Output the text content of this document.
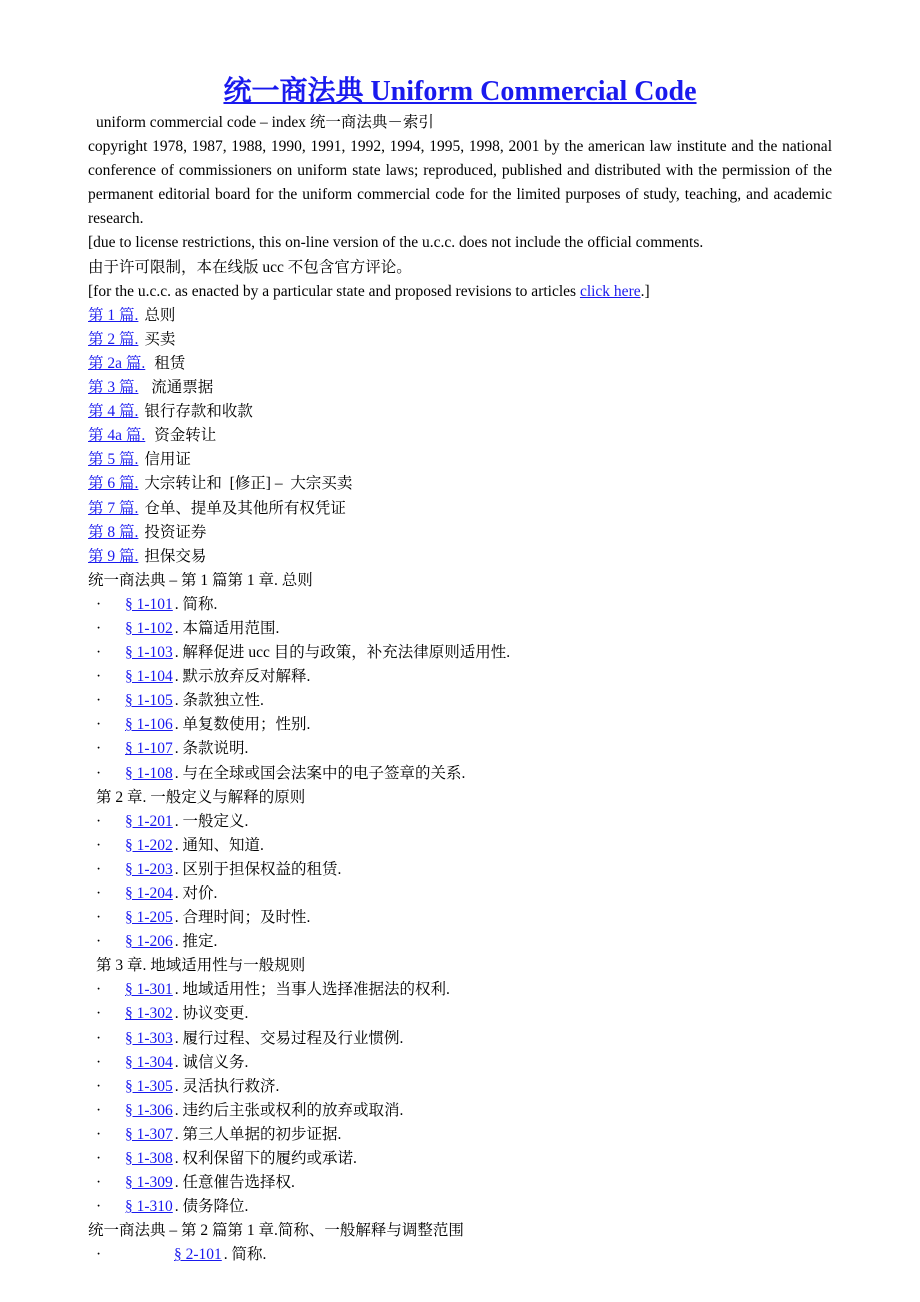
统一商法典 Uniform Commercial Code
uniform commercial code – index 统一商法典－索引
copyright 1978, 1987, 1988, 1990, 1991, 1992, 1994, 1995, 1998, 2001 by the american law institute and the national conference of commissioners on uniform state laws; reproduced, published and distributed with the permission of the permanent editorial board for the uniform commercial code for the limited purposes of study, teaching, and academic research.
[due to license restrictions, this on-line version of the u.c.c. does not include the official comments.
由于许可限制，本在线版 ucc 不包含官方评论。
[for the u.c.c. as enacted by a particular state and proposed revisions to articles click here.]
第 1 篇. 总则
第 2 篇. 买卖
第 2a 篇. 租赁
第 3 篇. 流通票据
第 4 篇. 银行存款和收款
第 4a 篇. 资金转让
第 5 篇. 信用证
第 6 篇. 大宗转让和  [修正] –  大宗买卖
第 7 篇. 仓单、提单及其他所有权凭证
第 8 篇. 投资证券
第 9 篇. 担保交易
统一商法典 – 第 1 篇第 1 章. 总则
·	§ 1-101 . 简称.
·	§ 1-102 . 本篇适用范围.
·	§ 1-103 . 解释促进 ucc 目的与政策，补充法律原则适用性.
·	§ 1-104 . 默示放弃反对解释.
·	§ 1-105 . 条款独立性.
·	§ 1-106 . 单复数使用；性别.
·	§ 1-107 . 条款说明.
·	§ 1-108 . 与在全球或国会法案中的电子签章的关系.
第 2 章. 一般定义与解释的原则
·	§ 1-201 . 一般定义.
·	§ 1-202 . 通知、知道.
·	§ 1-203 . 区别于担保权益的租赁.
·	§ 1-204 . 对价.
·	§ 1-205 . 合理时间；及时性.
·	§ 1-206 . 推定.
第 3 章. 地域适用性与一般规则
·	§ 1-301 . 地域适用性；当事人选择准据法的权利.
·	§ 1-302 . 协议变更.
·	§ 1-303 . 履行过程、交易过程及行业惯例.
·	§ 1-304 . 诚信义务.
·	§ 1-305 . 灵活执行救济.
·	§ 1-306 . 违约后主张或权利的放弃或取消.
·	§ 1-307 . 第三人单据的初步证据.
·	§ 1-308 . 权利保留下的履约或承诺.
·	§ 1-309 . 任意催告选择权.
·	§ 1-310 . 债务降位.
统一商法典 – 第 2 篇第 1 章.简称、一般解释与调整范围
·	§ 2-101 . 简称.
